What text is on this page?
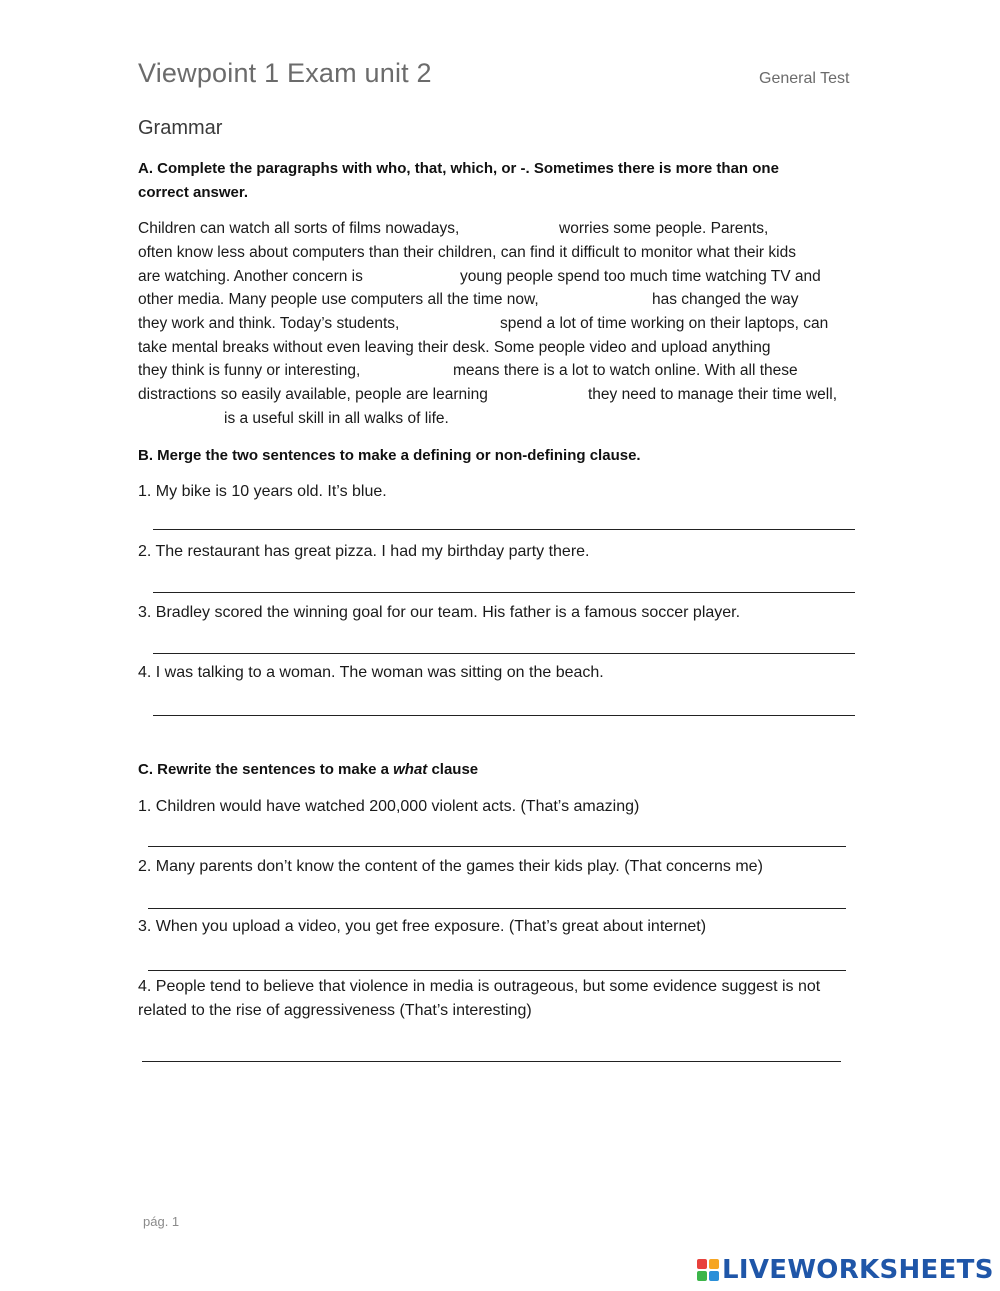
Viewpoint 1 Exam unit 2	General Test
Grammar
A. Complete the paragraphs with who, that, which, or -. Sometimes there is more than one
correct answer.
Children can watch all sorts of films nowadays,	worries some people. Parents,
often know less about computers than their children, can find it difficult to monitor what their kids
are watching. Another concern is	young people spend too much time watching TV and
other media. Many people use computers all the time now,	has changed the way
they work and think. Today’s students,	spend a lot of time working on their laptops, can
take mental breaks without even leaving their desk. Some people video and upload anything
they think is funny or interesting,	means there is a lot to watch online. With all these
distractions so easily available, people are learning	they need to manage their time well,
is a useful skill in all walks of life.
B. Merge the two sentences to make a defining or non-defining clause.
1. My bike is 10 years old. It’s blue.
2. The restaurant has great pizza. I had my birthday party there.
3. Bradley scored the winning goal for our team. His father is a famous soccer player.
4. I was talking to a woman. The woman was sitting on the beach.
C. Rewrite the sentences to make a what clause
1. Children would have watched 200,000 violent acts. (That’s amazing)
2. Many parents don’t know the content of the games their kids play. (That concerns me)
3. When you upload a video, you get free exposure. (That’s great about internet)
4. People tend to believe that violence in media is outrageous, but some evidence suggest is not related to the rise of aggressiveness (That’s interesting)
pág. 1
LIVEWORKSHEETS
